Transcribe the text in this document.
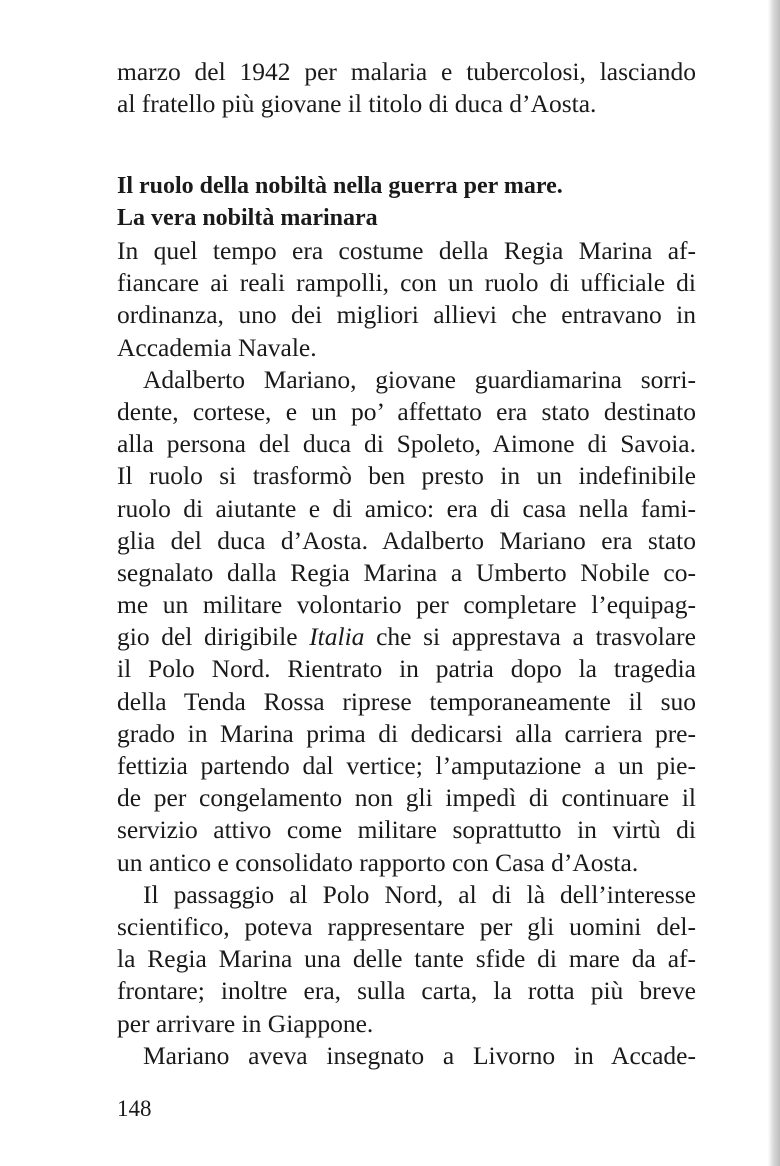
marzo del 1942 per malaria e tubercolosi, lasciando
al fratello più giovane il titolo di duca d’Aosta.
Il ruolo della nobiltà nella guerra per mare.
La vera nobiltà marinara
In quel tempo era costume della Regia Marina af-
fiancare ai reali rampolli, con un ruolo di ufficiale di
ordinanza, uno dei migliori allievi che entravano in
Accademia Navale.
Adalberto Mariano, giovane guardiamarina sorri-
dente, cortese, e un po’ affettato era stato destinato
alla persona del duca di Spoleto, Aimone di Savoia.
Il ruolo si trasformò ben presto in un indefinibile
ruolo di aiutante e di amico: era di casa nella fami-
glia del duca d’Aosta. Adalberto Mariano era stato
segnalato dalla Regia Marina a Umberto Nobile co-
me un militare volontario per completare l’equipag-
gio del dirigibile Italia che si apprestava a trasvolare
il Polo Nord. Rientrato in patria dopo la tragedia
della Tenda Rossa riprese temporaneamente il suo
grado in Marina prima di dedicarsi alla carriera pre-
fettizia partendo dal vertice; l’amputazione a un pie-
de per congelamento non gli impedì di continuare il
servizio attivo come militare soprattutto in virtù di
un antico e consolidato rapporto con Casa d’Aosta.
Il passaggio al Polo Nord, al di là dell’interesse
scientifico, poteva rappresentare per gli uomini del-
la Regia Marina una delle tante sfide di mare da af-
frontare; inoltre era, sulla carta, la rotta più breve
per arrivare in Giappone.
Mariano aveva insegnato a Livorno in Accade-
148
